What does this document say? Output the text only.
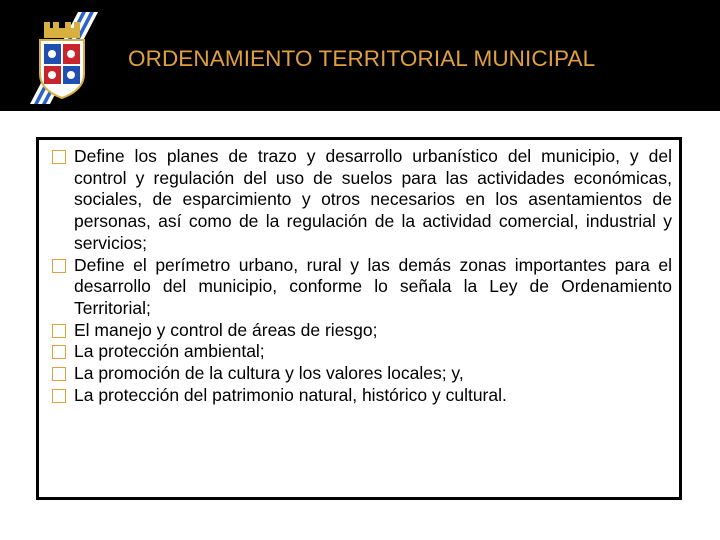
ORDENAMIENTO TERRITORIAL MUNICIPAL
Define los planes de trazo y desarrollo urbanístico del municipio, y del control y regulación del uso de suelos para las actividades económicas, sociales, de esparcimiento y otros necesarios en los asentamientos de personas, así como de la regulación de la actividad comercial, industrial y servicios;
Define el perímetro urbano, rural y las demás zonas importantes para el desarrollo del municipio, conforme lo señala la Ley de Ordenamiento Territorial;
El manejo y control de áreas de riesgo;
La protección ambiental;
La promoción de la cultura y los valores locales; y,
La protección del patrimonio natural, histórico y cultural.
